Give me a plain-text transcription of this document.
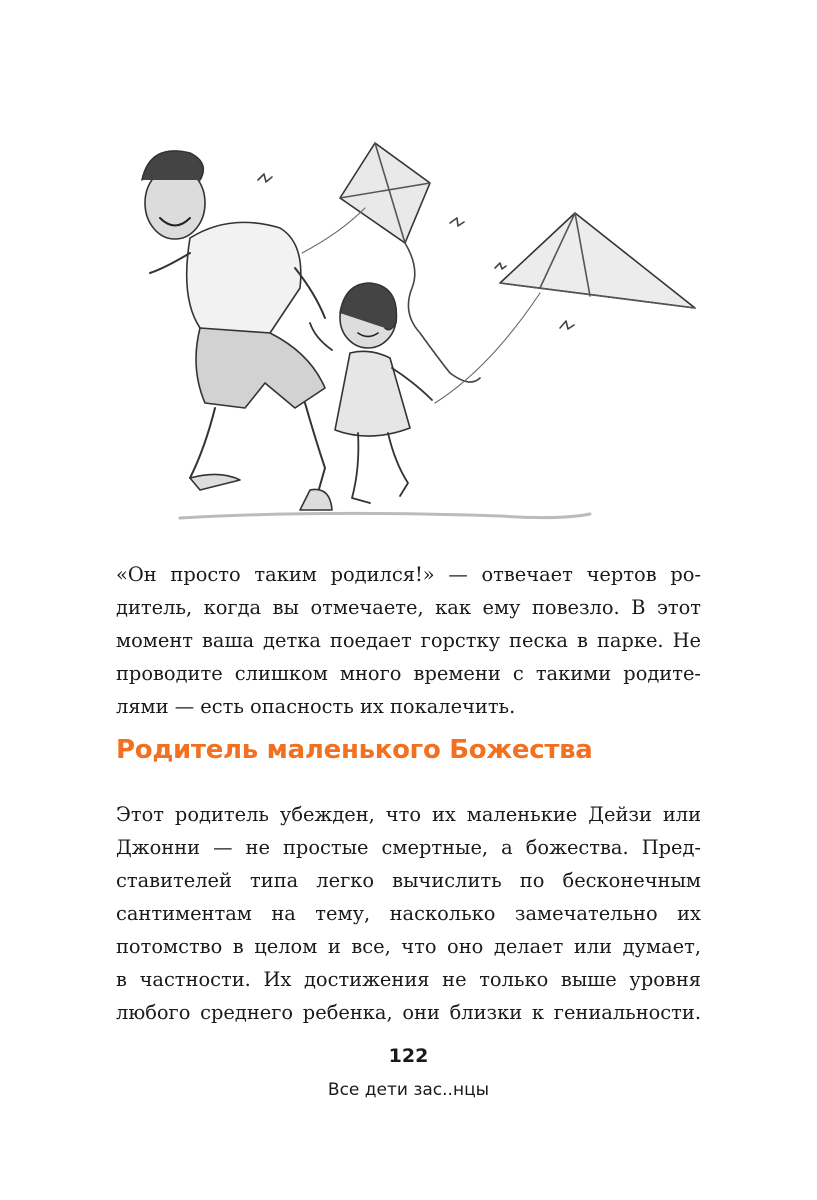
«Он просто таким родился!» — отвечает чертов ро-
дитель, когда вы отмечаете, как ему повезло. В этот
момент ваша детка поедает горстку песка в парке. Не
проводите слишком много времени с такими родите-
лями — есть опасность их покалечить.
Родитель маленького Божества
Этот родитель убежден, что их маленькие Дейзи или
Джонни — не простые смертные, а божества. Пред-
ставителей типа легко вычислить по бесконечным
сантиментам на тему, насколько замечательно их
потомство в целом и все, что оно делает или думает,
в частности. Их достижения не только выше уровня
любого среднего ребенка, они близки к гениальности.
122
Все дети зас..нцы
